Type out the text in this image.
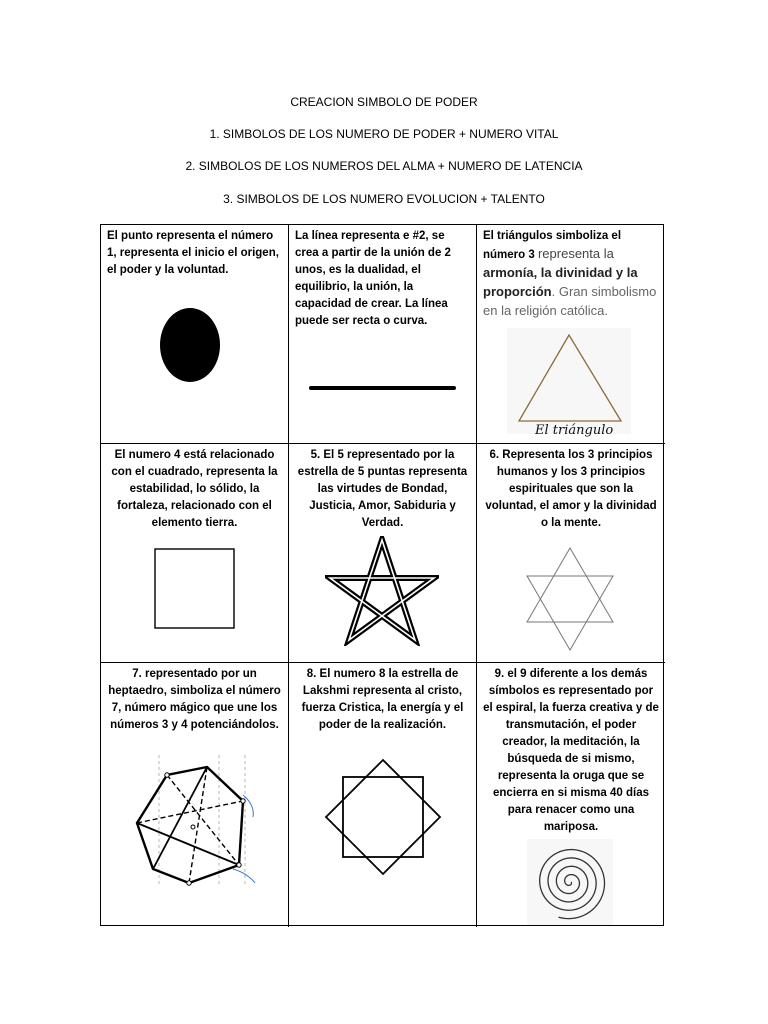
CREACION SIMBOLO DE PODER
1. SIMBOLOS DE LOS NUMERO DE PODER + NUMERO VITAL
2. SIMBOLOS DE LOS NUMEROS DEL ALMA + NUMERO DE LATENCIA
3. SIMBOLOS DE LOS NUMERO EVOLUCION + TALENTO
El punto representa el número 1, representa el inicio el origen, el poder y la voluntad.
La línea representa e #2, se crea a partir de la unión de 2 unos, es la dualidad, el equilibrio, la unión, la capacidad de crear. La línea puede ser recta o curva.
El triángulos simboliza el número 3 representa la armonía, la divinidad y la proporción. Gran simbolismo en la religión católica.
El triángulo
El numero 4 está relacionado con el cuadrado, representa la estabilidad, lo sólido, la fortaleza, relacionado con el elemento tierra.
5. El 5 representado por la estrella de 5 puntas representa las virtudes de Bondad, Justicia, Amor, Sabiduria y Verdad.
6. Representa los 3 principios humanos y los 3 principios espirituales que son la voluntad, el amor y la divinidad o la mente.
7. representado por un heptaedro, simboliza el número 7, número mágico que une los números 3 y 4 potenciándolos.
8. El numero 8 la estrella de Lakshmi representa al cristo, fuerza Cristica, la energía y el poder de la realización.
9. el 9 diferente a los demás símbolos es representado por el espiral, la fuerza creativa y de transmutación, el poder creador, la meditación, la búsqueda de si mismo, representa la oruga que se encierra en si misma 40 días para renacer como una mariposa.
